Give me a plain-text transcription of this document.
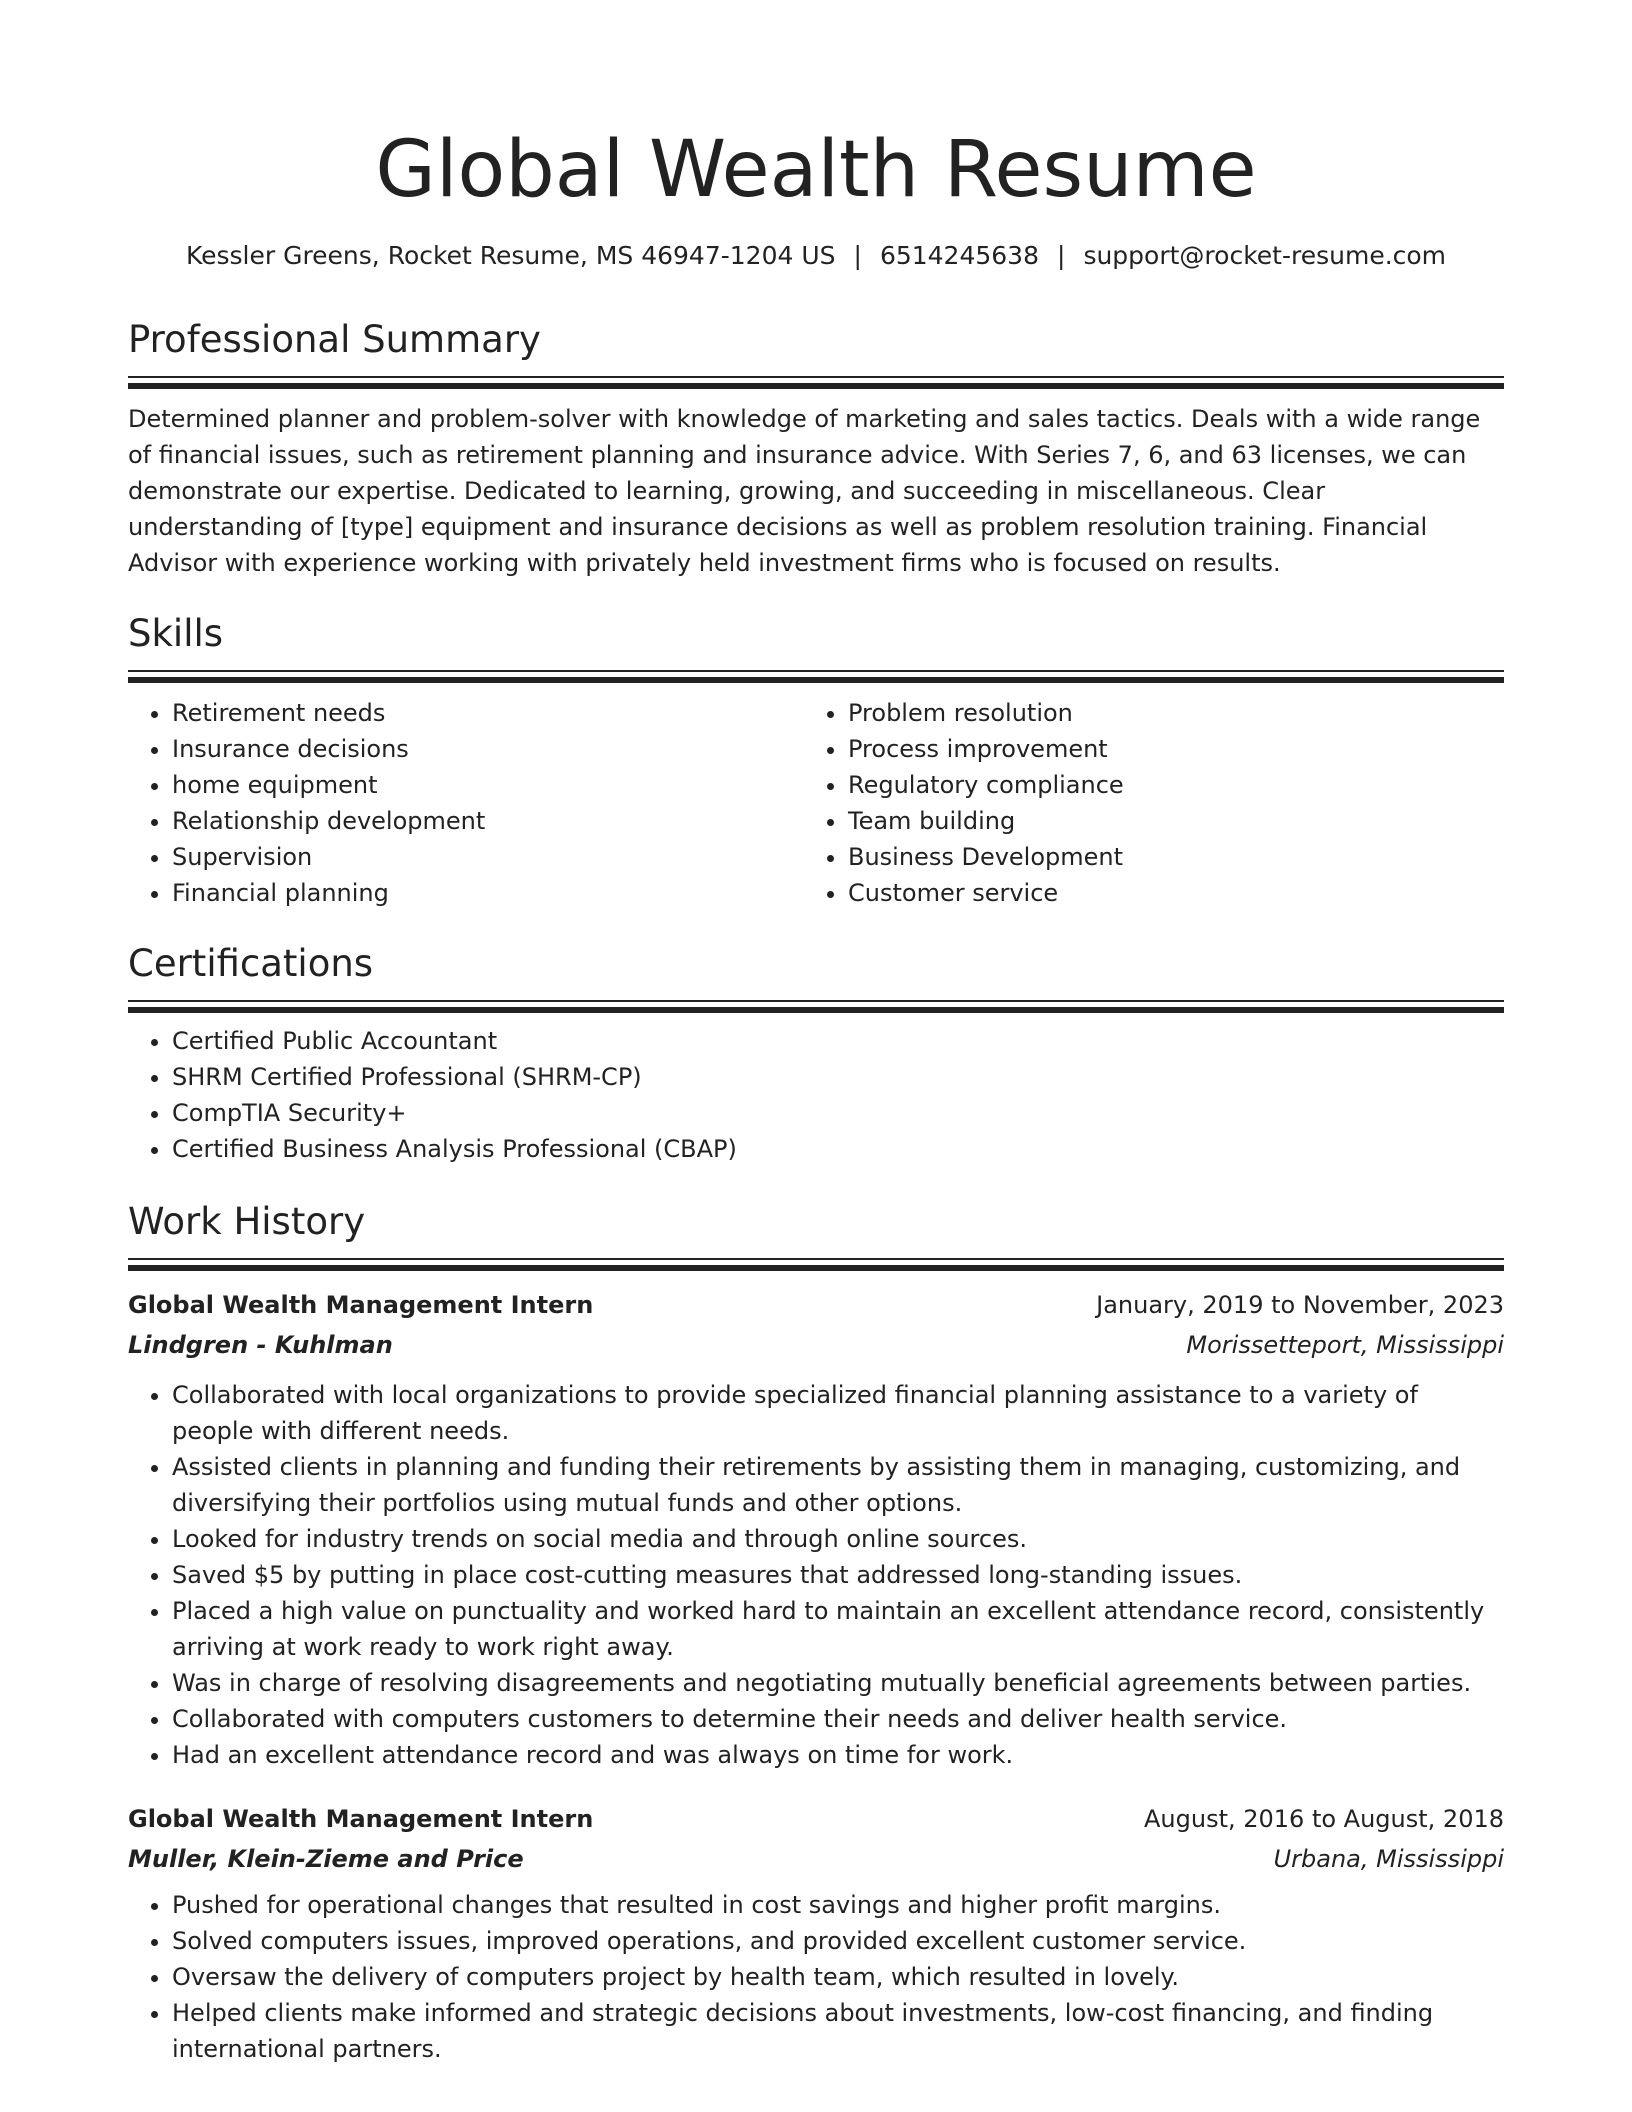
Global Wealth Resume
Kessler Greens, Rocket Resume, MS 46947-1204 US | 6514245638 | support@rocket-resume.com
Professional Summary

Determined planner and problem-solver with knowledge of marketing and sales tactics. Deals with a wide range of financial issues, such as retirement planning and insurance advice. With Series 7, 6, and 63 licenses, we can demonstrate our expertise. Dedicated to learning, growing, and succeeding in miscellaneous. Clear understanding of [type] equipment and insurance decisions as well as problem resolution training. Financial Advisor with experience working with privately held investment firms who is focused on results.

Skills
• Retirement needs
• Insurance decisions
• home equipment
• Relationship development
• Supervision
• Financial planning
• Problem resolution
• Process improvement
• Regulatory compliance
• Team building
• Business Development
• Customer service
Certifications
• Certified Public Accountant
• SHRM Certified Professional (SHRM-CP)
• CompTIA Security+
• Certified Business Analysis Professional (CBAP)
Work History
Global Wealth Management Intern	January, 2019 to November, 2023
Lindgren - Kuhlman	Morissetteport, Mississippi
• Collaborated with local organizations to provide specialized financial planning assistance to a variety of people with different needs.
• Assisted clients in planning and funding their retirements by assisting them in managing, customizing, and diversifying their portfolios using mutual funds and other options.
• Looked for industry trends on social media and through online sources.
• Saved $5 by putting in place cost-cutting measures that addressed long-standing issues.
• Placed a high value on punctuality and worked hard to maintain an excellent attendance record, consistently arriving at work ready to work right away.
• Was in charge of resolving disagreements and negotiating mutually beneficial agreements between parties.
• Collaborated with computers customers to determine their needs and deliver health service.
• Had an excellent attendance record and was always on time for work.
Global Wealth Management Intern	August, 2016 to August, 2018
Muller, Klein-Zieme and Price	Urbana, Mississippi
• Pushed for operational changes that resulted in cost savings and higher profit margins.
• Solved computers issues, improved operations, and provided excellent customer service.
• Oversaw the delivery of computers project by health team, which resulted in lovely.
• Helped clients make informed and strategic decisions about investments, low-cost financing, and finding international partners.
